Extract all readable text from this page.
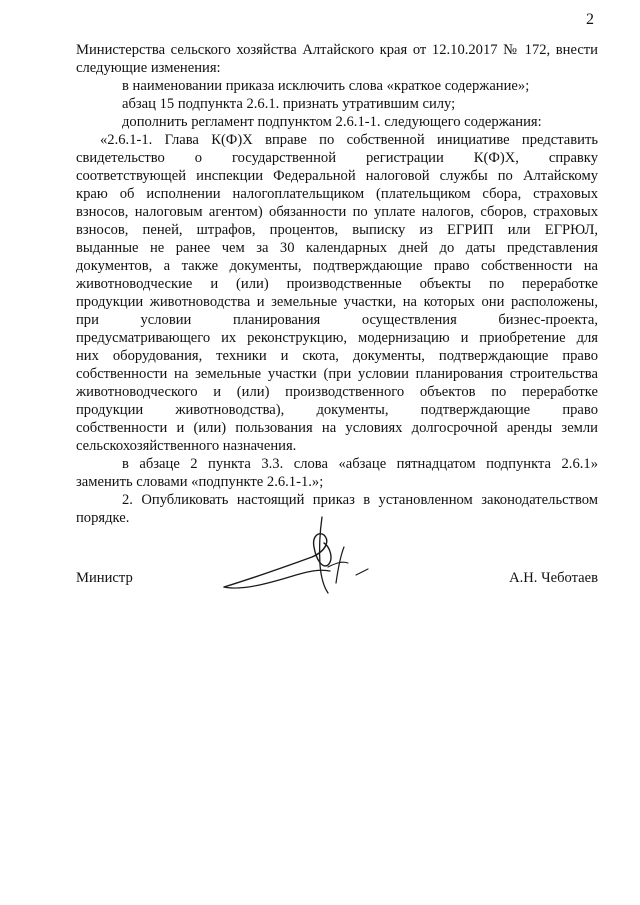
2
Министерства сельского хозяйства Алтайского края от 12.10.2017 № 172, внести
следующие изменения:
в наименовании приказа исключить слова «краткое содержание»;
абзац 15 подпункта 2.6.1. признать утратившим силу;
дополнить регламент подпунктом 2.6.1-1. следующего содержания:
«2.6.1-1. Глава К(Ф)Х вправе по собственной инициативе представить
свидетельство о государственной регистрации К(Ф)Х, справку
соответствующей инспекции Федеральной налоговой службы по Алтайскому
краю об исполнении налогоплательщиком (плательщиком сбора, страховых
взносов, налоговым агентом) обязанности по уплате налогов, сборов, страховых
взносов, пеней, штрафов, процентов, выписку из ЕГРИП или ЕГРЮЛ,
выданные не ранее чем за 30 календарных дней до даты представления
документов, а также документы, подтверждающие право собственности на
животноводческие и (или) производственные объекты по переработке
продукции животноводства и земельные участки, на которых они расположены,
при условии планирования осуществления бизнес-проекта,
предусматривающего их реконструкцию, модернизацию и приобретение для
них оборудования, техники и скота, документы, подтверждающие право
собственности на земельные участки (при условии планирования строительства
животноводческого и (или) производственного объектов по переработке
продукции животноводства), документы, подтверждающие право
собственности и (или) пользования на условиях долгосрочной аренды земли
сельскохозяйственного назначения.
в абзаце 2 пункта 3.3. слова «абзаце пятнадцатом подпункта 2.6.1»
заменить словами «подпункте 2.6.1-1.»;
2. Опубликовать настоящий приказ в установленном законодательством
порядке.
Министр	А.Н. Чеботаев
